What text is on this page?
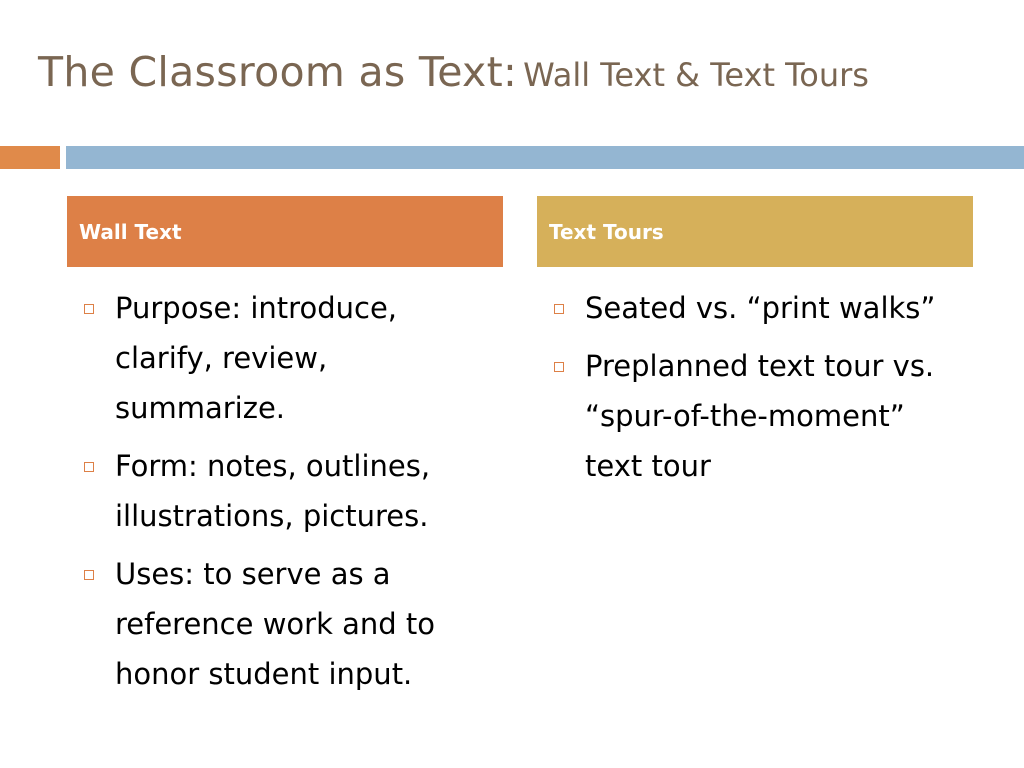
The Classroom as Text: Wall Text & Text Tours
Wall Text	Text Tours
Purpose: introduce, clarify, review, summarize.
Form: notes, outlines, illustrations, pictures.
Uses: to serve as a reference work and to honor student input.
Seated vs. “print walks”
Preplanned text tour vs. “spur-of-the-moment” text tour
